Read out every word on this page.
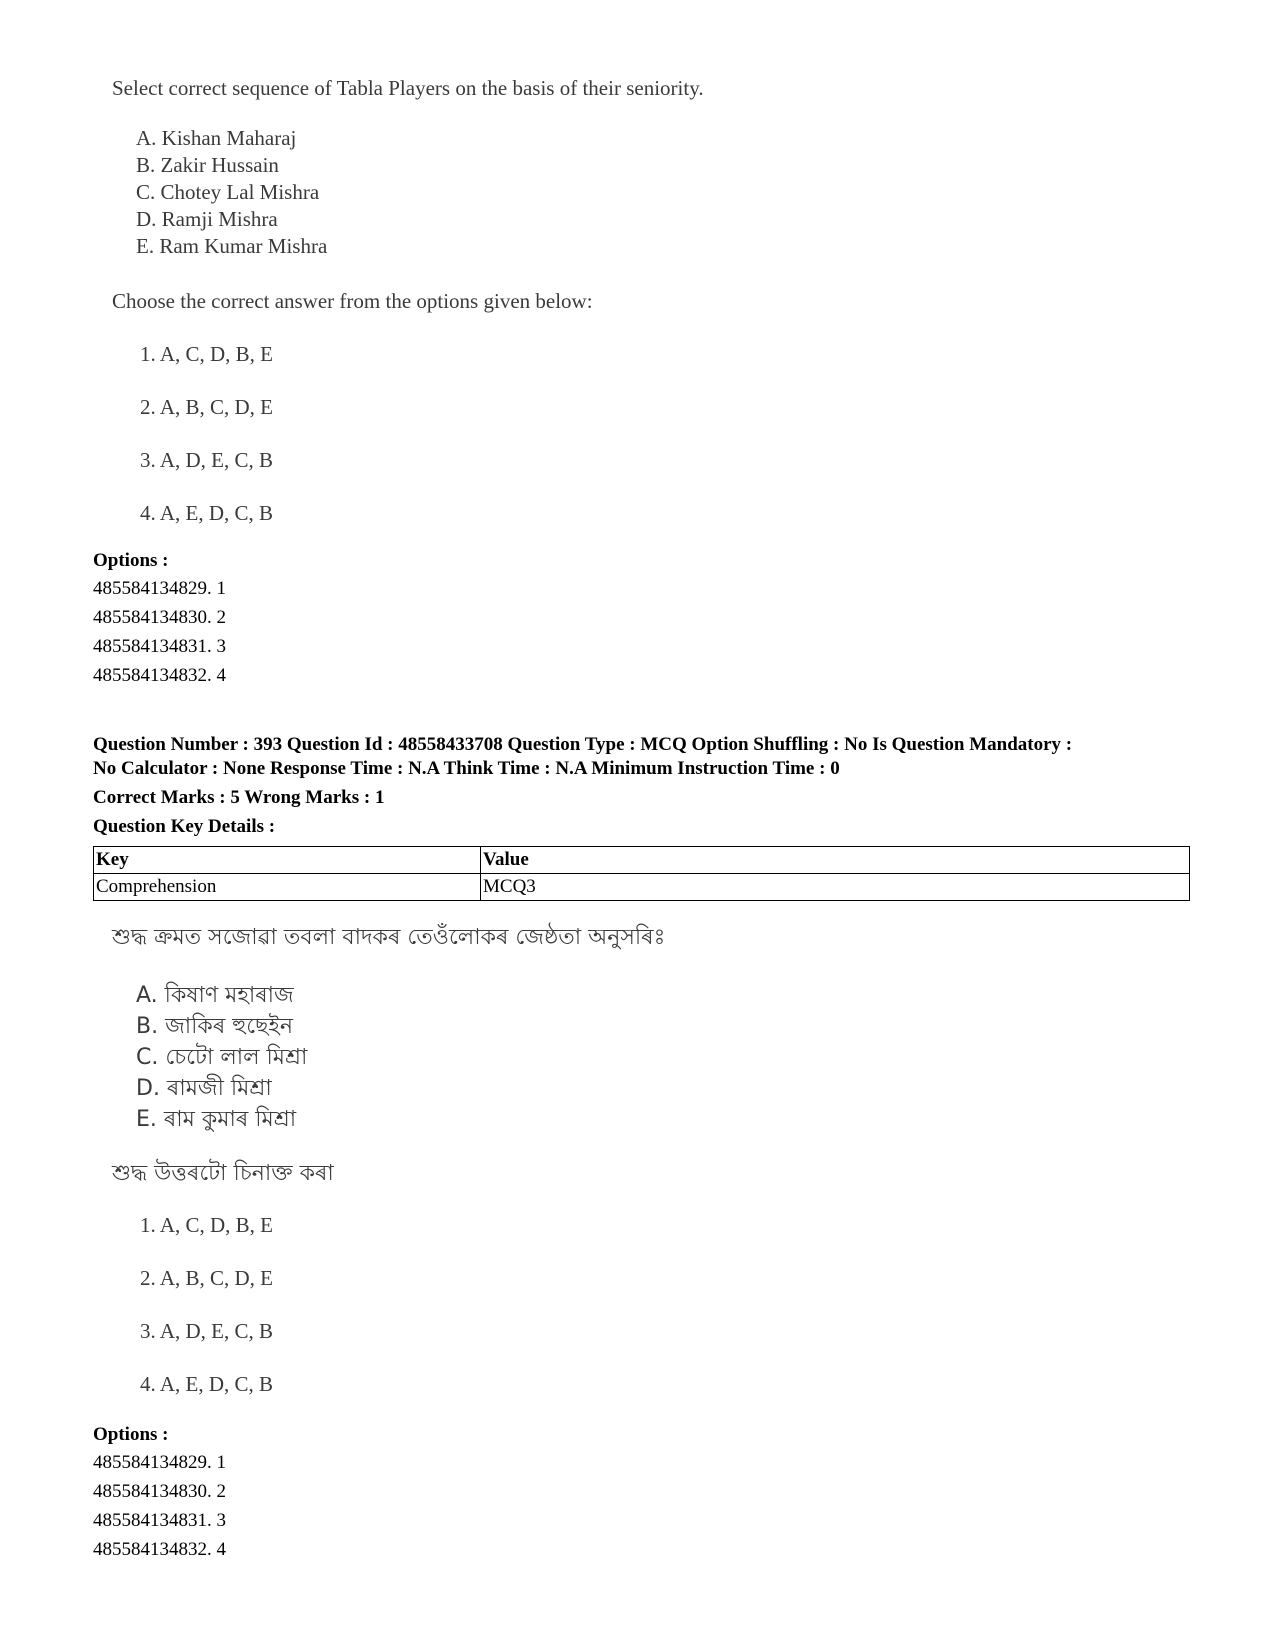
Select correct sequence of Tabla Players on the basis of their seniority.
A. Kishan Maharaj
B. Zakir Hussain
C. Chotey Lal Mishra
D. Ramji Mishra
E. Ram Kumar Mishra
Choose the correct answer from the options given below:
1. A, C, D, B, E
2. A, B, C, D, E
3. A, D, E, C, B
4. A, E, D, C, B
Options :
485584134829. 1
485584134830. 2
485584134831. 3
485584134832. 4
Question Number : 393 Question Id : 48558433708 Question Type : MCQ Option Shuffling : No Is Question Mandatory :
No Calculator : None Response Time : N.A Think Time : N.A Minimum Instruction Time : 0
Correct Marks : 5 Wrong Marks : 1
Question Key Details :
Key	Value
Comprehension	MCQ3
শুদ্ধ ক্ৰমত সজোৱা তবলা বাদকৰ তেওঁলোকৰ জেষ্ঠতা অনুসৰিঃ
A. কিষাণ মহাৰাজ
B. জাকিৰ হুছেইন
C. চেটো লাল মিশ্ৰা
D. ৰামজী মিশ্ৰা
E. ৰাম কুমাৰ মিশ্ৰা
শুদ্ধ উত্তৰটো চিনাক্ত কৰা
1. A, C, D, B, E
2. A, B, C, D, E
3. A, D, E, C, B
4. A, E, D, C, B
Options :
485584134829. 1
485584134830. 2
485584134831. 3
485584134832. 4
